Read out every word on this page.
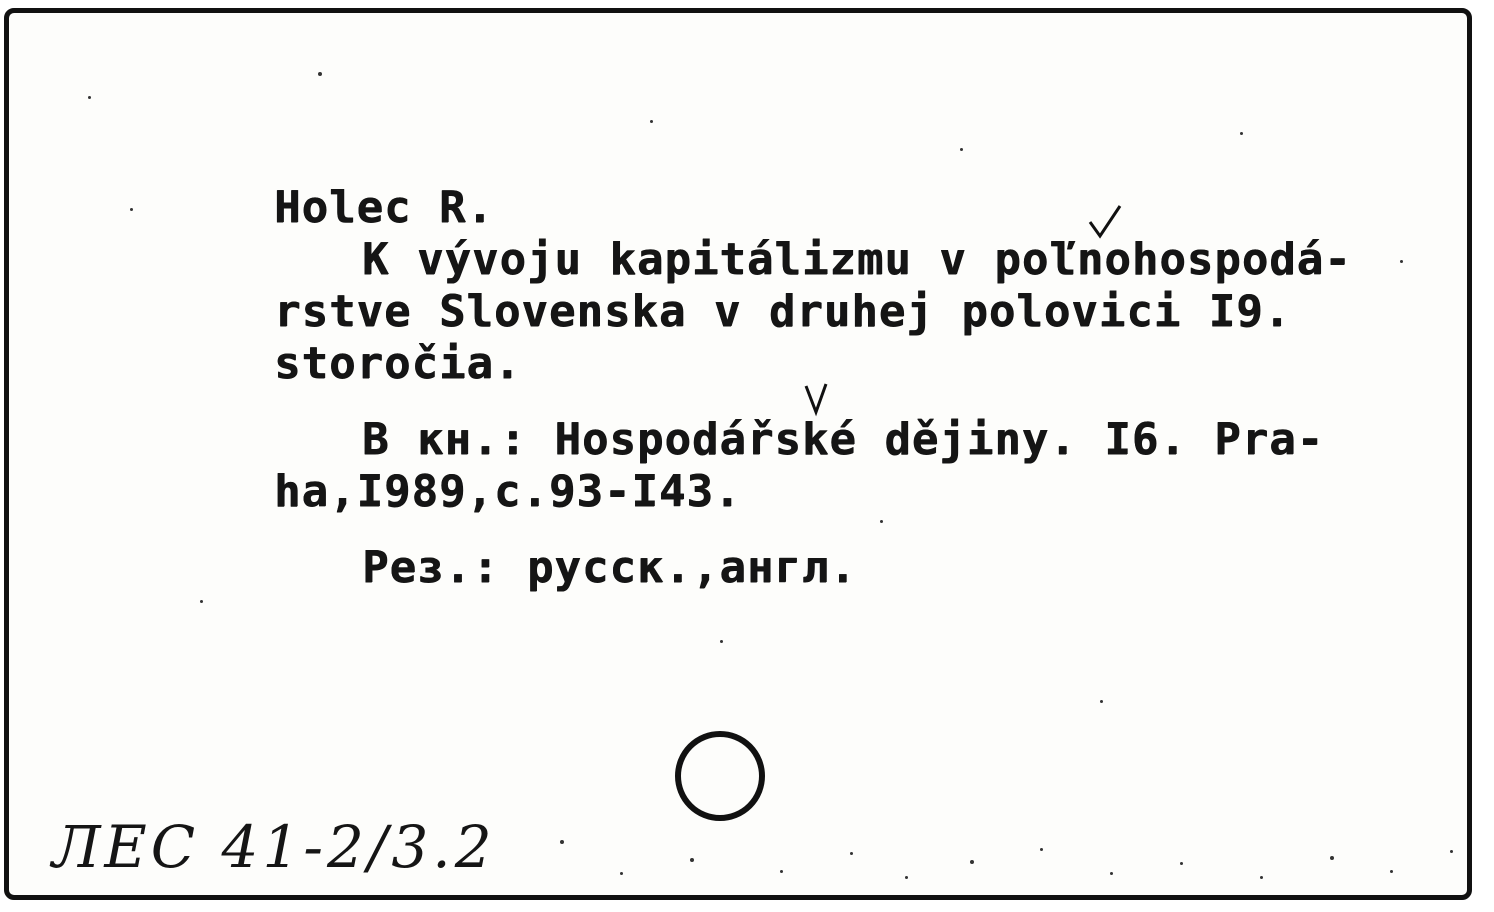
Holec R.
K vývoju kapitálizmu v poľnohospodá-
rstve Slovenska v druhej polovici I9.
storočia.
В кн.: Hospodářské dějiny. I6. Pra-
ha,I989,с.93-I43.
Рез.: русск.,англ.
ЛЕС 41-2/3.2
